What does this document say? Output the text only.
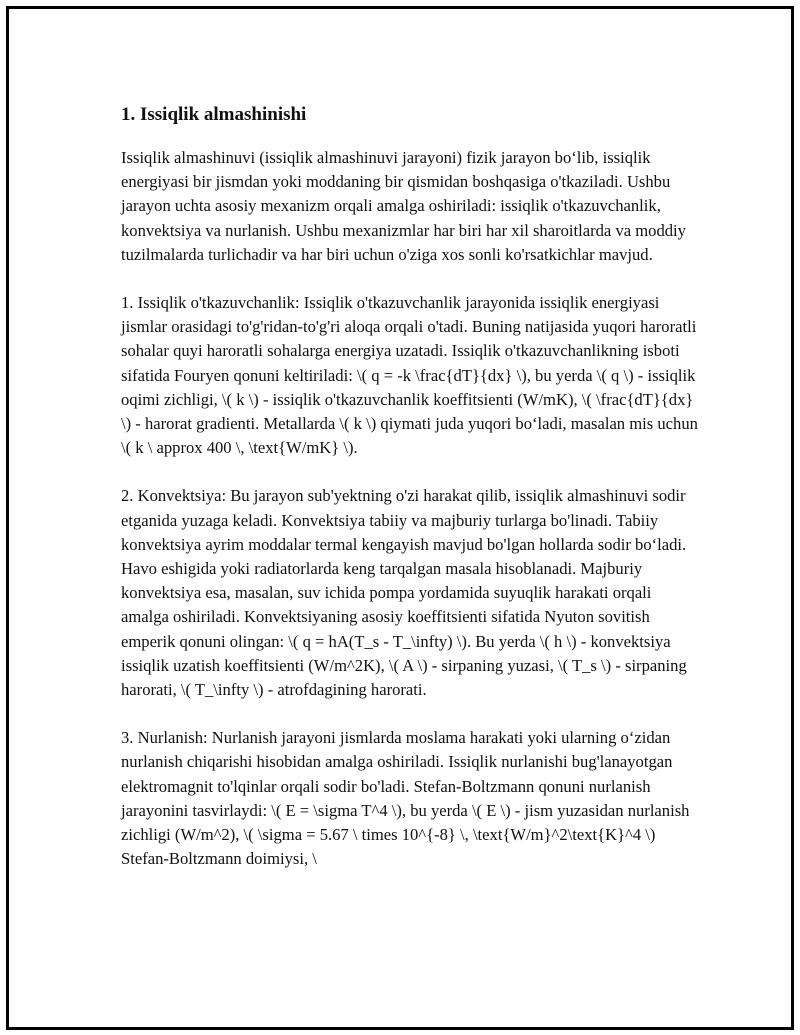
1. Issiqlik almashinishi

Issiqlik almashinuvi (issiqlik almashinuvi jarayoni) fizik jarayon bo‘lib, issiqlik energiyasi bir jismdan yoki moddaning bir qismidan boshqasiga o'tkaziladi. Ushbu jarayon uchta asosiy mexanizm orqali amalga oshiriladi: issiqlik o'tkazuvchanlik, konvektsiya va nurlanish. Ushbu mexanizmlar har biri har xil sharoitlarda va moddiy tuzilmalarda turlichadir va har biri uchun o'ziga xos sonli ko'rsatkichlar mavjud.

1. Issiqlik o'tkazuvchanlik: Issiqlik o'tkazuvchanlik jarayonida issiqlik energiyasi jismlar orasidagi to'g'ridan-to'g'ri aloqa orqali o'tadi. Buning natijasida yuqori haroratli sohalar quyi haroratli sohalarga energiya uzatadi. Issiqlik o'tkazuvchanlikning isboti sifatida Fouryen qonuni keltiriladi: \( q = -k \frac{dT}{dx} \), bu yerda \( q \) - issiqlik oqimi zichligi, \( k \) - issiqlik o'tkazuvchanlik koeffitsienti (W/mK), \( \frac{dT}{dx} \) - harorat gradienti. Metallarda \( k \) qiymati juda yuqori bo‘ladi, masalan mis uchun \( k \ approx 400 \, \text{W/mK} \).

2. Konvektsiya: Bu jarayon sub'yektning o'zi harakat qilib, issiqlik almashinuvi sodir etganida yuzaga keladi. Konvektsiya tabiiy va majburiy turlarga bo'linadi. Tabiiy konvektsiya ayrim moddalar termal kengayish mavjud bo'lgan hollarda sodir bo‘ladi. Havo eshigida yoki radiatorlarda keng tarqalgan masala hisoblanadi. Majburiy konvektsiya esa, masalan, suv ichida pompa yordamida suyuqlik harakati orqali amalga oshiriladi. Konvektsiyaning asosiy koeffitsienti sifatida Nyuton sovitish emperik qonuni olingan: \( q = hA(T_s - T_\infty) \). Bu yerda \( h \) - konvektsiya issiqlik uzatish koeffitsienti (W/m^2K), \( A \) - sirpaning yuzasi, \( T_s \) - sirpaning harorati, \( T_\infty \) - atrofdagining harorati.

3. Nurlanish: Nurlanish jarayoni jismlarda moslama harakati yoki ularning o‘zidan nurlanish chiqarishi hisobidan amalga oshiriladi. Issiqlik nurlanishi bug'lanayotgan elektromagnit to'lqinlar orqali sodir bo'ladi. Stefan-Boltzmann qonuni nurlanish jarayonini tasvirlaydi: \( E = \sigma T^4 \), bu yerda \( E \) - jism yuzasidan nurlanish zichligi (W/m^2), \( \sigma = 5.67 \ times 10^{-8} \, \text{W/m}^2\text{K}^4 \) Stefan-Boltzmann doimiysi, \
